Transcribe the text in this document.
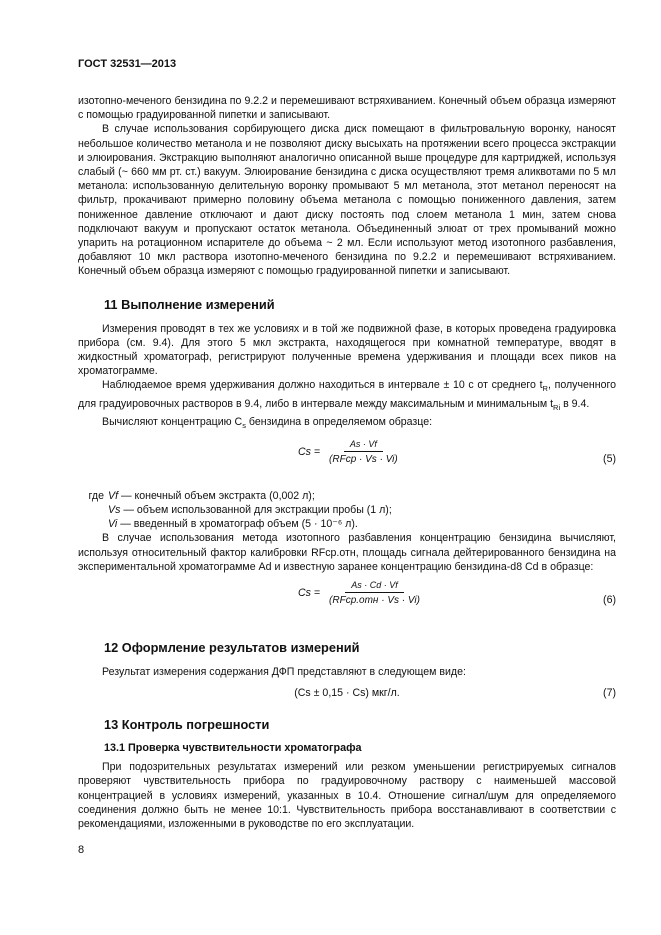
ГОСТ 32531—2013

изотопно-меченого бензидина по 9.2.2 и перемешивают встряхиванием. Конечный объем образца измеряют с помощью градуированной пипетки и записывают.

В случае использования сорбирующего диска диск помещают в фильтровальную воронку, наносят небольшое количество метанола и не позволяют диску высыхать на протяжении всего процесса экстракции и элюирования. Экстракцию выполняют аналогично описанной выше процедуре для картриджей, используя слабый (~ 660 мм рт. ст.) вакуум. Элюирование бензидина с диска осуществляют тремя аликвотами по 5 мл метанола: использованную делительную воронку промывают 5 мл метанола, этот метанол переносят на фильтр, прокачивают примерно половину объема метанола с помощью пониженного давления, затем пониженное давление отключают и дают диску постоять под слоем метанола 1 мин, затем снова подключают вакуум и пропускают остаток метанола. Объединенный элюат от трех промываний можно упарить на ротационном испарителе до объема ~ 2 мл. Если используют метод изотопного разбавления, добавляют 10 мкл раствора изотопно-меченого бензидина по 9.2.2 и перемешивают встряхиванием. Конечный объем образца измеряют с помощью градуированной пипетки и записывают.

11 Выполнение измерений

Измерения проводят в тех же условиях и в той же подвижной фазе, в которых проведена градуировка прибора (см. 9.4). Для этого 5 мкл экстракта, находящегося при комнатной температуре, вводят в жидкостный хроматограф, регистрируют полученные времена удерживания и площади всех пиков на хроматограмме.

Наблюдаемое время удерживания должно находиться в интервале ± 10 с от среднего $t_R$, полученного для градуировочных растворов в 9.4, либо в интервале между максимальным и минимальным $t_{Ri}$ в 9.4.

Вычисляют концентрацию $C_s$ бензидина в определяемом образце:

$Cs = \frac{As \cdot Vf}{\text{(RFср · Vs · Vi)}}$	(5)
где Vf — конечный объем экстракта (0,002 л);
Vs — объем использованной для экстракции пробы (1 л);
Vi — введенный в хроматограф объем (5 · 10⁻⁶ л).

В случае использования метода изотопного разбавления концентрацию бензидина вычисляют, используя относительный фактор калибровки RFср.отн, площадь сигнала дейтерированного бензидина на экспериментальной хроматограмме Ad и известную заранее концентрацию бензидина-d8 Cd в образце:

$Cs = \frac{As \cdot Cd \cdot Vf}{\text{(RFср.отн · Vs · Vi)}}$	(6)
12 Оформление результатов измерений

Результат измерения содержания ДФП представляют в следующем виде:

(Cs ± 0,15 · Cs) мкг/л.	(7)
13 Контроль погрешности
13.1 Проверка чувствительности хроматографа

При подозрительных результатах измерений или резком уменьшении регистрируемых сигналов проверяют чувствительность прибора по градуировочному раствору с наименьшей массовой концентрацией в условиях измерений, указанных в 10.4. Отношение сигнал/шум для определяемого соединения должно быть не менее 10:1. Чувствительность прибора восстанавливают в соответствии с рекомендациями, изложенными в руководстве по его эксплуатации.

8
